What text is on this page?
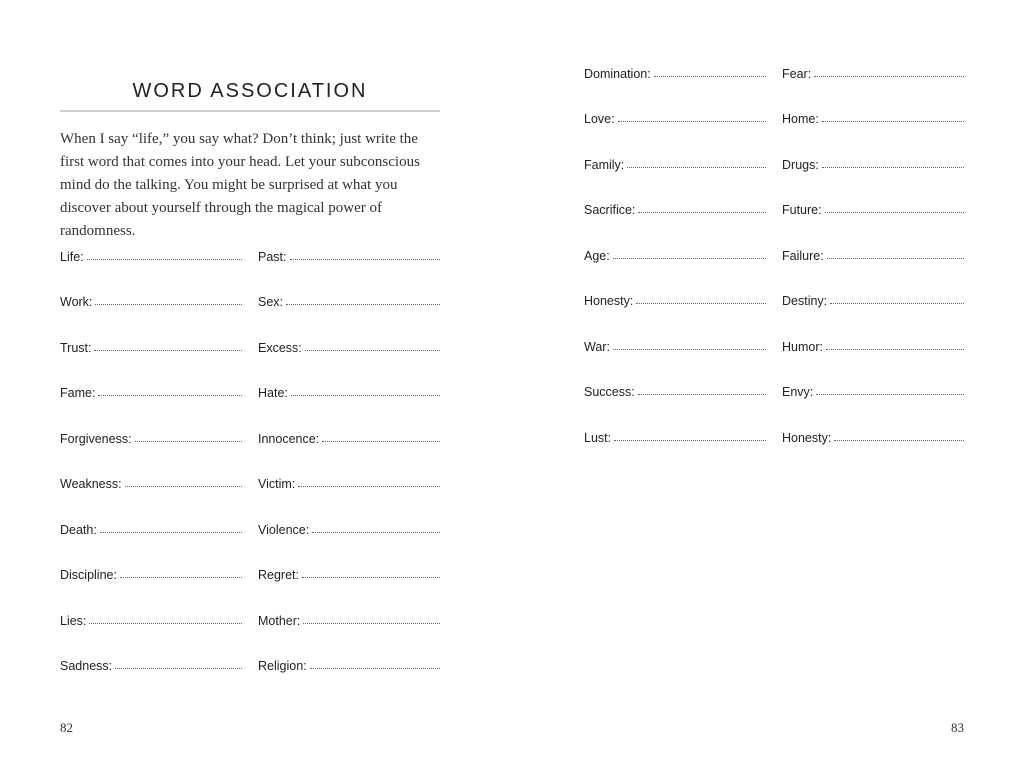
WORD ASSOCIATION
When I say “life,” you say what? Don’t think; just write the first word that comes into your head. Let your subconscious mind do the talking. You might be surprised at what you discover about yourself through the magical power of randomness.
Life:
Work:
Trust:
Fame:
Forgiveness:
Weakness:
Death:
Discipline:
Lies:
Sadness:
Past:
Sex:
Excess:
Hate:
Innocence:
Victim:
Violence:
Regret:
Mother:
Religion:
82
Domination:
Love:
Family:
Sacrifice:
Age:
Honesty:
War:
Success:
Lust:
Fear:
Home:
Drugs:
Future:
Failure:
Destiny:
Humor:
Envy:
Honesty:
83
